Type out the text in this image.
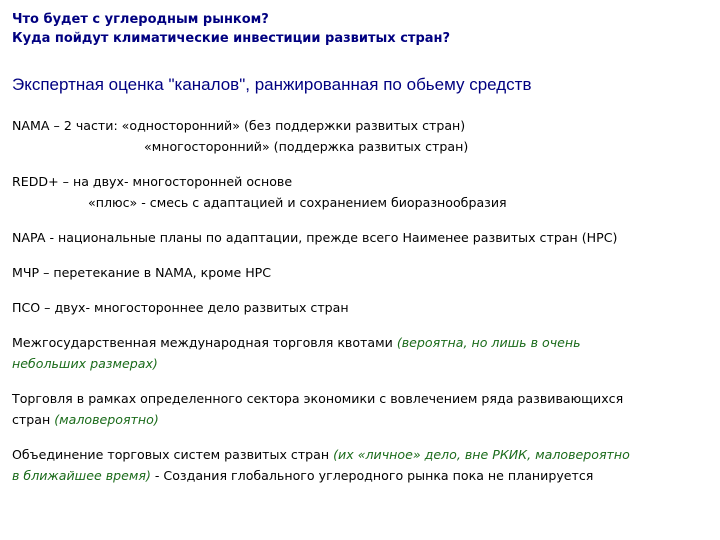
Что будет с углеродным рынком?
Куда пойдут климатические инвестиции развитых стран?
Экспертная оценка "каналов", ранжированная по обьему средств
NAMA – 2 части: «односторонний» (без поддержки развитых стран)
«многосторонний» (поддержка развитых стран)
REDD+ – на двух- многосторонней основе
«плюс» - смесь с адаптацией и сохранением биоразнообразия
NAPA - национальные планы по адаптации, прежде всего Наименее развитых стран (НРС)
МЧР – перетекание в NAMA, кроме НРС
ПСО – двух- многостороннее дело развитых стран
Межгосударственная международная торговля квотами (вероятна, но лишь в очень
небольших размерах)
Торговля в рамках определенного сектора экономики с вовлечением ряда развивающихся
стран (маловероятно)
Объединение торговых систем развитых стран (их «личное» дело, вне РКИК, маловероятно
в ближайшее время) - Создания глобального углеродного рынка пока не планируется
